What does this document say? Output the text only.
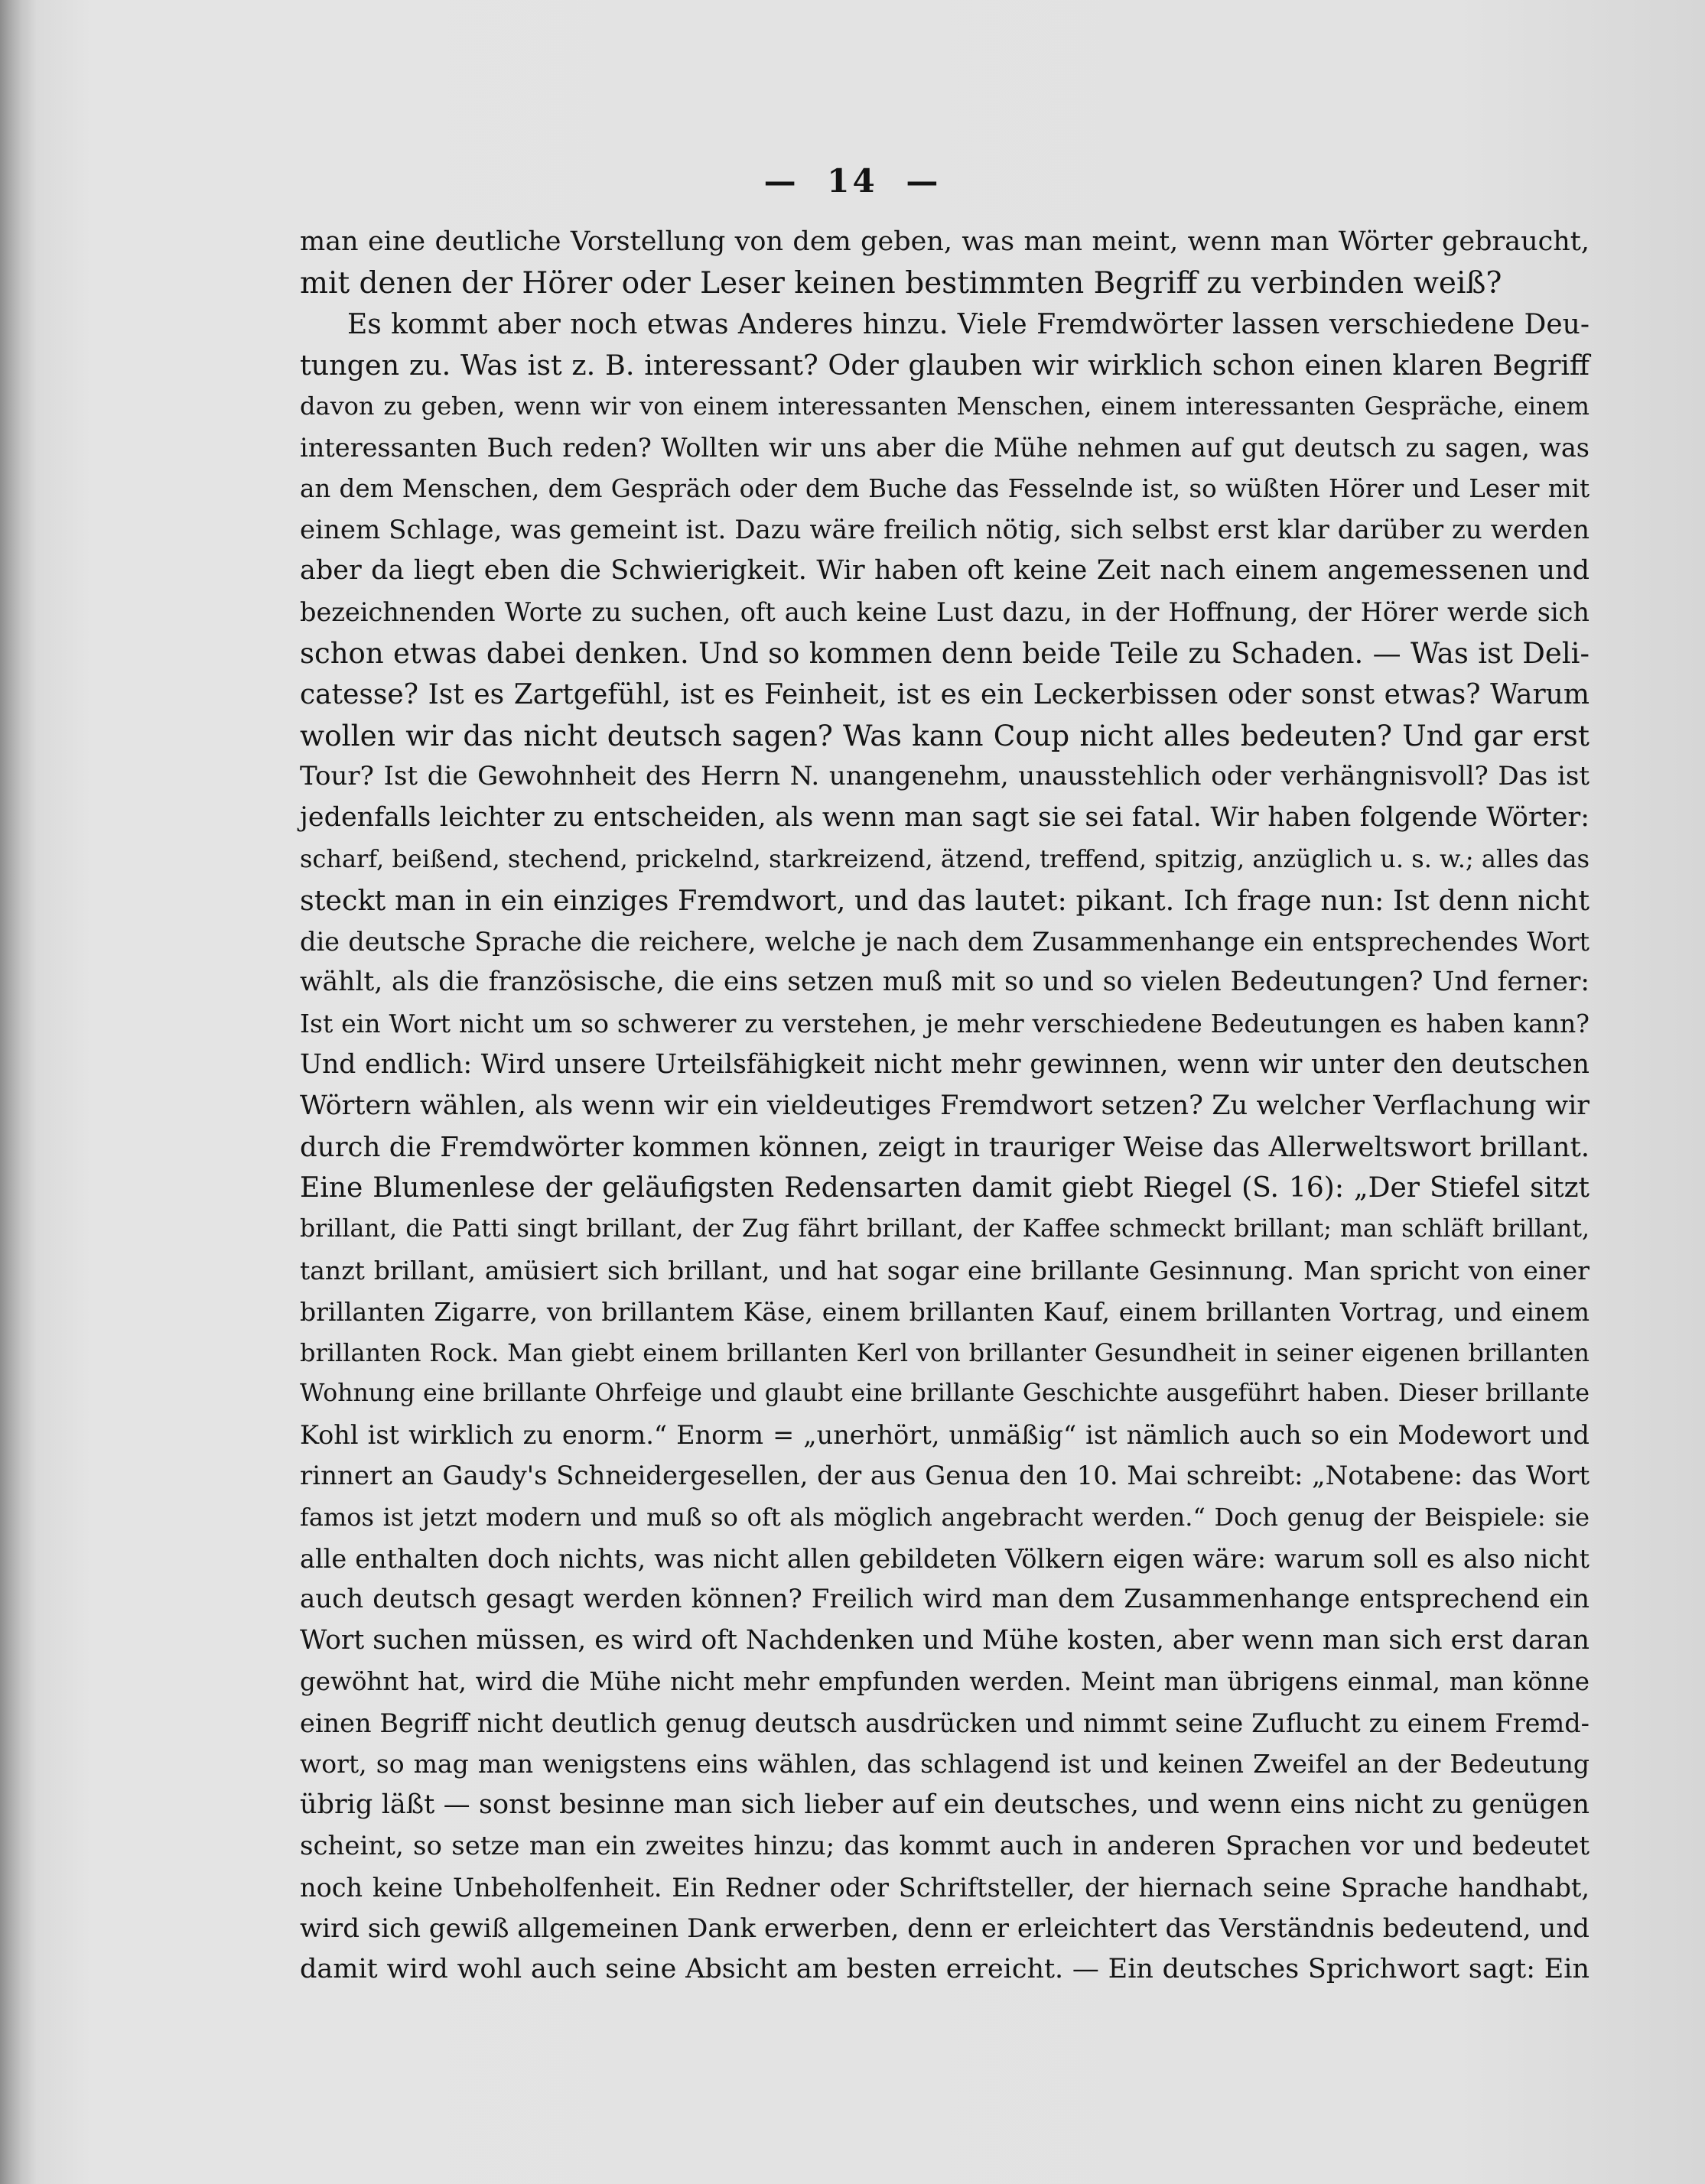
— 14 —
man eine deutliche Vorstellung von dem geben, was man meint, wenn man Wörter gebraucht,
mit denen der Hörer oder Leser keinen bestimmten Begriff zu verbinden weiß?
Es kommt aber noch etwas Anderes hinzu. Viele Fremdwörter lassen verschiedene Deu-
tungen zu. Was ist z. B. interessant? Oder glauben wir wirklich schon einen klaren Begriff
davon zu geben, wenn wir von einem interessanten Menschen, einem interessanten Gespräche, einem
interessanten Buch reden? Wollten wir uns aber die Mühe nehmen auf gut deutsch zu sagen, was
an dem Menschen, dem Gespräch oder dem Buche das Fesselnde ist, so wüßten Hörer und Leser mit
einem Schlage, was gemeint ist. Dazu wäre freilich nötig, sich selbst erst klar darüber zu werden
aber da liegt eben die Schwierigkeit. Wir haben oft keine Zeit nach einem angemessenen und
bezeichnenden Worte zu suchen, oft auch keine Lust dazu, in der Hoffnung, der Hörer werde sich
schon etwas dabei denken. Und so kommen denn beide Teile zu Schaden. — Was ist Deli-
catesse? Ist es Zartgefühl, ist es Feinheit, ist es ein Leckerbissen oder sonst etwas? Warum
wollen wir das nicht deutsch sagen? Was kann Coup nicht alles bedeuten? Und gar erst
Tour? Ist die Gewohnheit des Herrn N. unangenehm, unausstehlich oder verhängnisvoll? Das ist
jedenfalls leichter zu entscheiden, als wenn man sagt sie sei fatal. Wir haben folgende Wörter:
scharf, beißend, stechend, prickelnd, starkreizend, ätzend, treffend, spitzig, anzüglich u. s. w.; alles das
steckt man in ein einziges Fremdwort, und das lautet: pikant. Ich frage nun: Ist denn nicht
die deutsche Sprache die reichere, welche je nach dem Zusammenhange ein entsprechendes Wort
wählt, als die französische, die eins setzen muß mit so und so vielen Bedeutungen? Und ferner:
Ist ein Wort nicht um so schwerer zu verstehen, je mehr verschiedene Bedeutungen es haben kann?
Und endlich: Wird unsere Urteilsfähigkeit nicht mehr gewinnen, wenn wir unter den deutschen
Wörtern wählen, als wenn wir ein vieldeutiges Fremdwort setzen? Zu welcher Verflachung wir
durch die Fremdwörter kommen können, zeigt in trauriger Weise das Allerweltswort brillant.
Eine Blumenlese der geläufigsten Redensarten damit giebt Riegel (S. 16): „Der Stiefel sitzt
brillant, die Patti singt brillant, der Zug fährt brillant, der Kaffee schmeckt brillant; man schläft brillant,
tanzt brillant, amüsiert sich brillant, und hat sogar eine brillante Gesinnung. Man spricht von einer
brillanten Zigarre, von brillantem Käse, einem brillanten Kauf, einem brillanten Vortrag, und einem
brillanten Rock. Man giebt einem brillanten Kerl von brillanter Gesundheit in seiner eigenen brillanten
Wohnung eine brillante Ohrfeige und glaubt eine brillante Geschichte ausgeführt haben. Dieser brillante
Kohl ist wirklich zu enorm.“ Enorm = „unerhört, unmäßig“ ist nämlich auch so ein Modewort und
rinnert an Gaudy's Schneidergesellen, der aus Genua den 10. Mai schreibt: „Notabene: das Wort
famos ist jetzt modern und muß so oft als möglich angebracht werden.“ Doch genug der Beispiele: sie
alle enthalten doch nichts, was nicht allen gebildeten Völkern eigen wäre: warum soll es also nicht
auch deutsch gesagt werden können? Freilich wird man dem Zusammenhange entsprechend ein
Wort suchen müssen, es wird oft Nachdenken und Mühe kosten, aber wenn man sich erst daran
gewöhnt hat, wird die Mühe nicht mehr empfunden werden. Meint man übrigens einmal, man könne
einen Begriff nicht deutlich genug deutsch ausdrücken und nimmt seine Zuflucht zu einem Fremd-
wort, so mag man wenigstens eins wählen, das schlagend ist und keinen Zweifel an der Bedeutung
übrig läßt — sonst besinne man sich lieber auf ein deutsches, und wenn eins nicht zu genügen
scheint, so setze man ein zweites hinzu; das kommt auch in anderen Sprachen vor und bedeutet
noch keine Unbeholfenheit. Ein Redner oder Schriftsteller, der hiernach seine Sprache handhabt,
wird sich gewiß allgemeinen Dank erwerben, denn er erleichtert das Verständnis bedeutend, und
damit wird wohl auch seine Absicht am besten erreicht. — Ein deutsches Sprichwort sagt: Ein
